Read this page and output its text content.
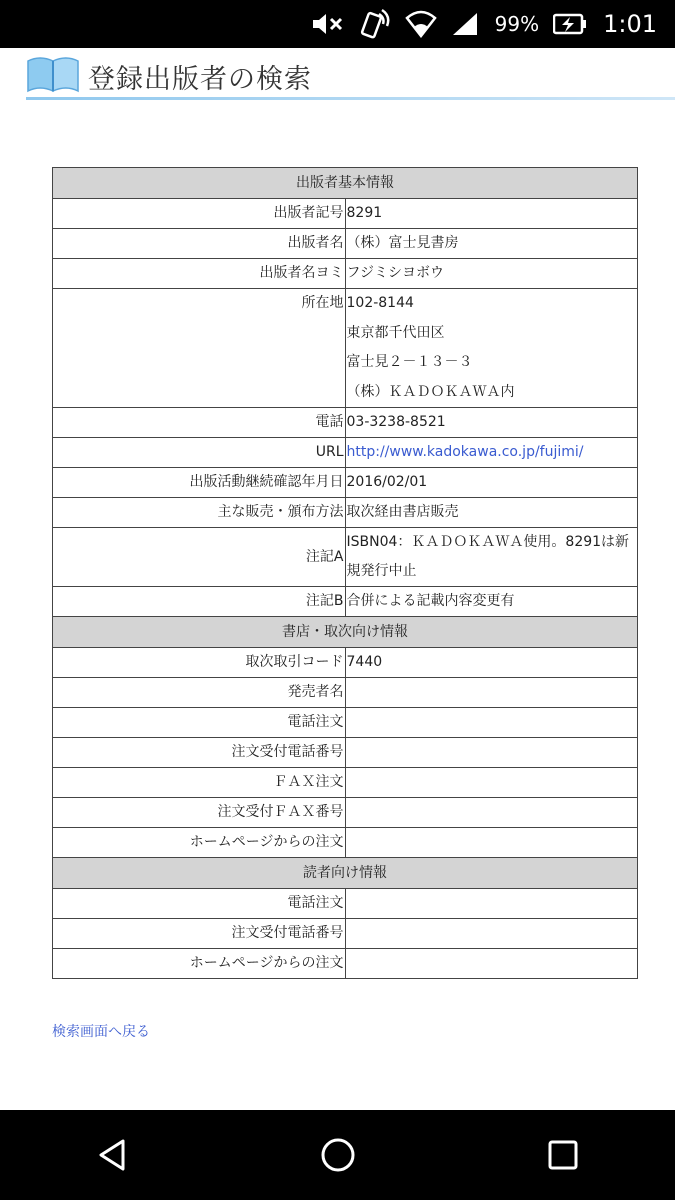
99%	1:01
登録出版者の検索
出版者基本情報	
出版者記号	8291
出版者名	（株）富士見書房
出版者名ヨミ	フジミシヨボウ
所在地	102-8144
東京都千代田区
富士見２－１３－３
（株）ＫＡＤＯＫＡＷＡ内

電話	03-3238-8521
URL	http://www.kadokawa.co.jp/fujimi/
出版活動継続確認年月日	2016/02/01
主な販売・頒布方法	取次経由書店販売
注記A	ISBN04：ＫＡＤＯＫＡＷＡ使用。8291は新規発行中止
注記B	合併による記載内容変更有
書店・取次向け情報	
取次取引コード	7440
発売者名	
電話注文	
注文受付電話番号	
ＦＡＸ注文	
注文受付ＦＡＸ番号	
ホームページからの注文	
読者向け情報	
電話注文	
注文受付電話番号	
ホームページからの注文	
検索画面へ戻る
